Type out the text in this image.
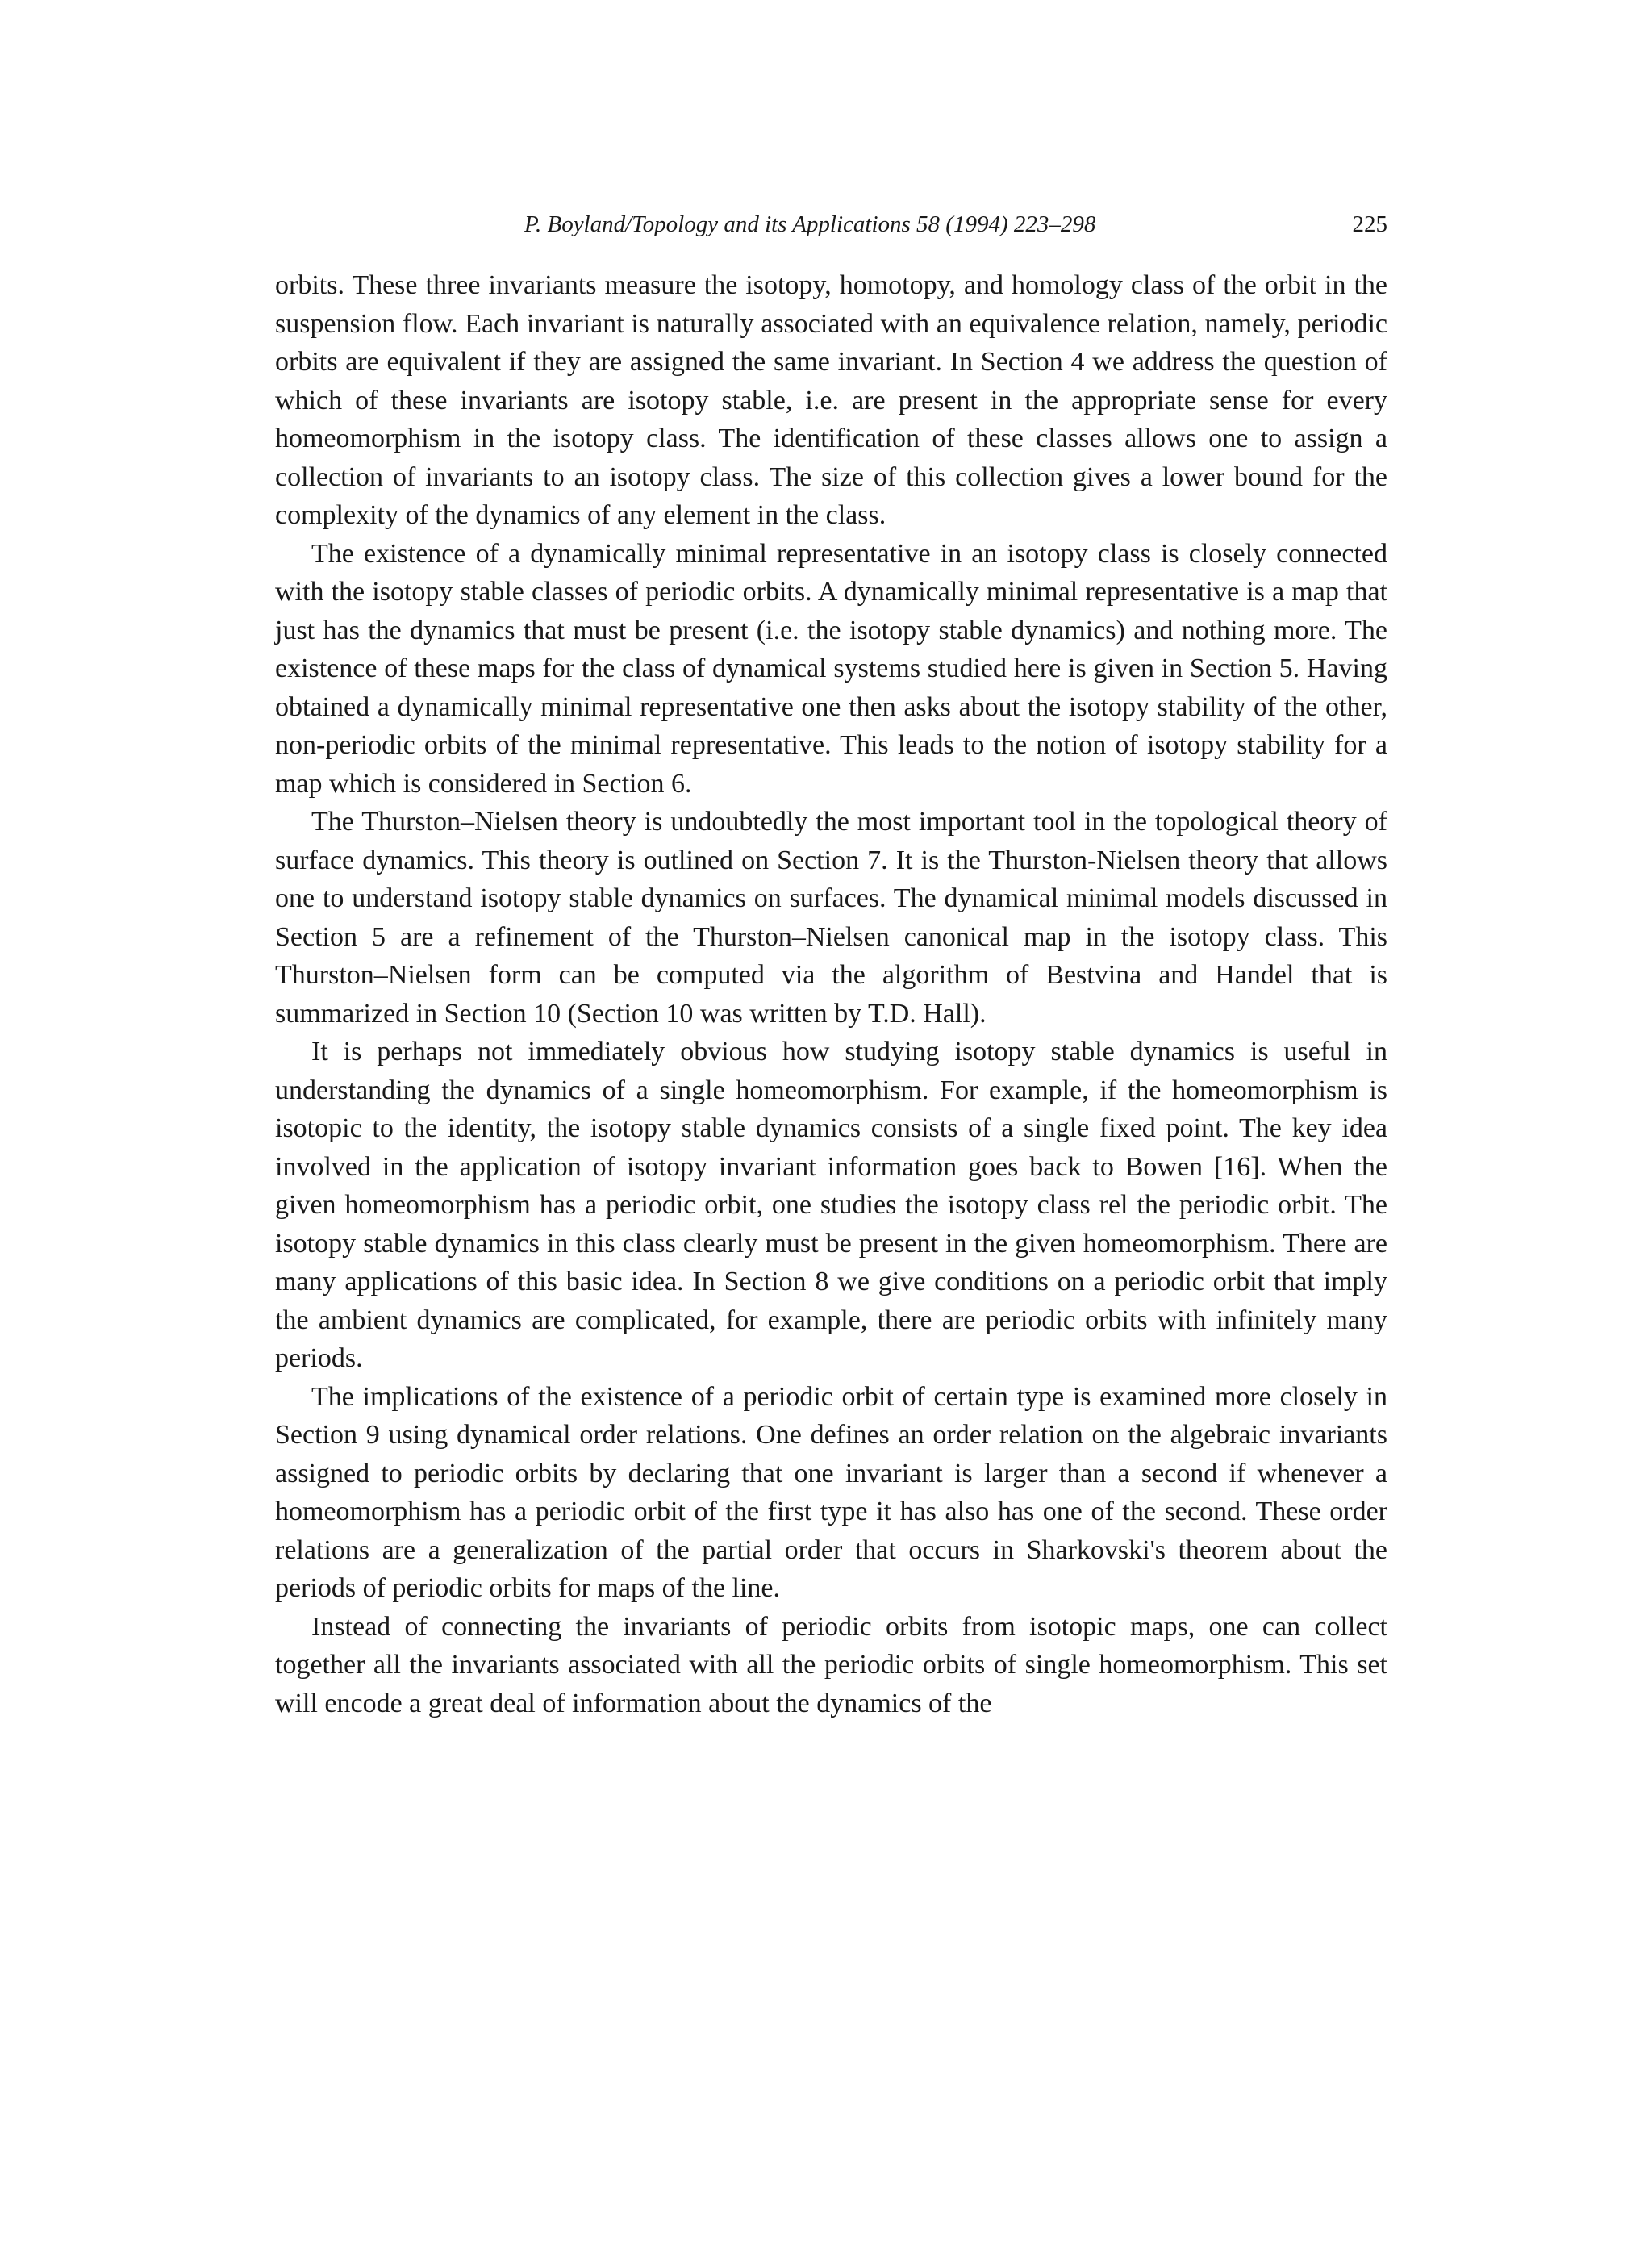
P. Boyland/Topology and its Applications 58 (1994) 223–298	225

orbits. These three invariants measure the isotopy, homotopy, and homology class of the orbit in the suspension flow. Each invariant is naturally associated with an equivalence relation, namely, periodic orbits are equivalent if they are assigned the same invariant. In Section 4 we address the question of which of these invariants are isotopy stable, i.e. are present in the appropriate sense for every homeomorphism in the isotopy class. The identification of these classes allows one to assign a collection of invariants to an isotopy class. The size of this collection gives a lower bound for the complexity of the dynamics of any element in the class.

The existence of a dynamically minimal representative in an isotopy class is closely connected with the isotopy stable classes of periodic orbits. A dynamically minimal representative is a map that just has the dynamics that must be present (i.e. the isotopy stable dynamics) and nothing more. The existence of these maps for the class of dynamical systems studied here is given in Section 5. Having obtained a dynamically minimal representative one then asks about the isotopy stability of the other, non-periodic orbits of the minimal representative. This leads to the notion of isotopy stability for a map which is considered in Section 6.

The Thurston–Nielsen theory is undoubtedly the most important tool in the topological theory of surface dynamics. This theory is outlined on Section 7. It is the Thurston-Nielsen theory that allows one to understand isotopy stable dynamics on surfaces. The dynamical minimal models discussed in Section 5 are a refinement of the Thurston–Nielsen canonical map in the isotopy class. This Thurston–Nielsen form can be computed via the algorithm of Bestvina and Handel that is summarized in Section 10 (Section 10 was written by T.D. Hall).

It is perhaps not immediately obvious how studying isotopy stable dynamics is useful in understanding the dynamics of a single homeomorphism. For example, if the homeomorphism is isotopic to the identity, the isotopy stable dynamics consists of a single fixed point. The key idea involved in the application of isotopy invariant information goes back to Bowen [16]. When the given homeomorphism has a periodic orbit, one studies the isotopy class rel the periodic orbit. The isotopy stable dynamics in this class clearly must be present in the given homeomorphism. There are many applications of this basic idea. In Section 8 we give conditions on a periodic orbit that imply the ambient dynamics are complicated, for example, there are periodic orbits with infinitely many periods.

The implications of the existence of a periodic orbit of certain type is examined more closely in Section 9 using dynamical order relations. One defines an order relation on the algebraic invariants assigned to periodic orbits by declaring that one invariant is larger than a second if whenever a homeomorphism has a periodic orbit of the first type it has also has one of the second. These order relations are a generalization of the partial order that occurs in Sharkovski's theorem about the periods of periodic orbits for maps of the line.

Instead of connecting the invariants of periodic orbits from isotopic maps, one can collect together all the invariants associated with all the periodic orbits of single homeomorphism. This set will encode a great deal of information about the dynamics of the
